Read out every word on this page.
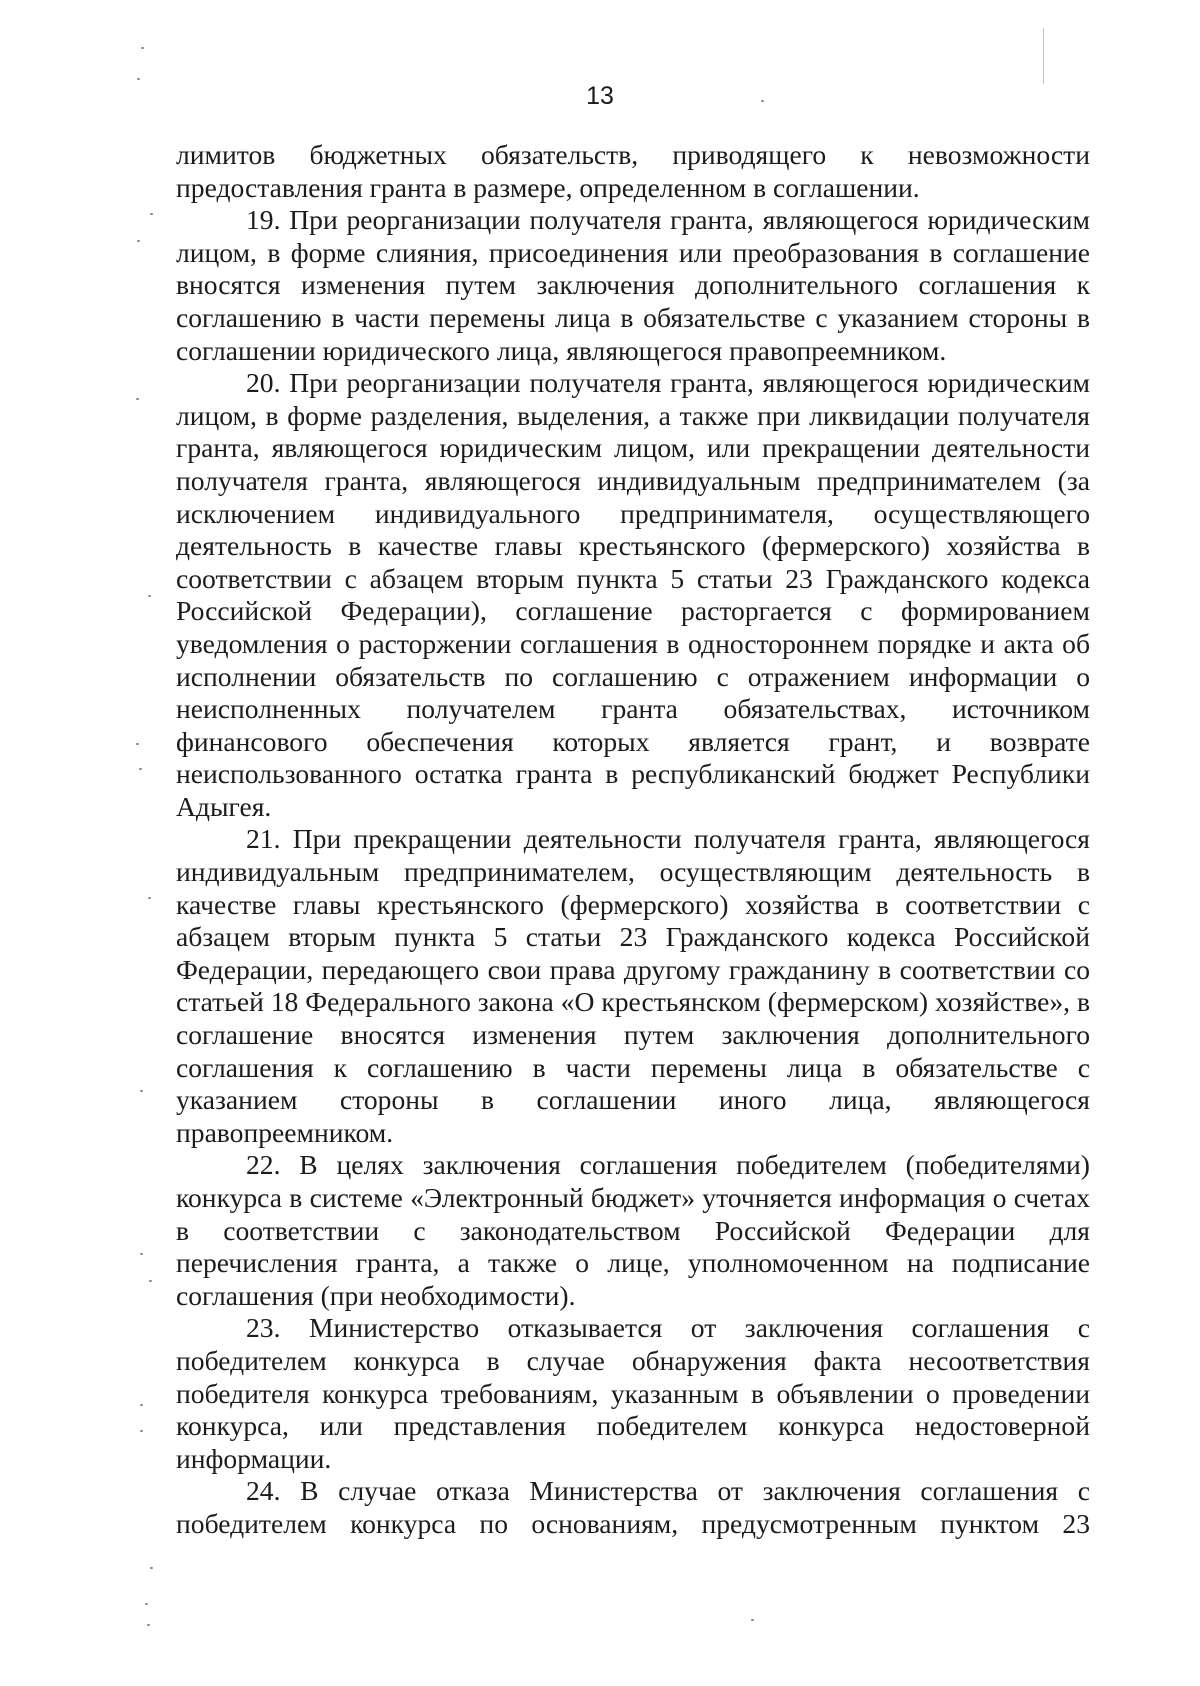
13

лимитов бюджетных обязательств, приводящего к невозможности предоставления гранта в размере, определенном в соглашении.

19. При реорганизации получателя гранта, являющегося юридическим лицом, в форме слияния, присоединения или преобразования в соглашение вносятся изменения путем заключения дополнительного соглашения к соглашению в части перемены лица в обязательстве с указанием стороны в соглашении юридического лица, являющегося правопреемником.

20. При реорганизации получателя гранта, являющегося юридическим лицом, в форме разделения, выделения, а также при ликвидации получателя гранта, являющегося юридическим лицом, или прекращении деятельности получателя гранта, являющегося индивидуальным предпринимателем (за исключением индивидуального предпринимателя, осуществляющего деятельность в качестве главы крестьянского (фермерского) хозяйства в соответствии с абзацем вторым пункта 5 статьи 23 Гражданского кодекса Российской Федерации), соглашение расторгается с формированием уведомления о расторжении соглашения в одностороннем порядке и акта об исполнении обязательств по соглашению с отражением информации о неисполненных получателем гранта обязательствах, источником финансового обеспечения которых является грант, и возврате неиспользованного остатка гранта в республиканский бюджет Республики Адыгея.

21. При прекращении деятельности получателя гранта, являющегося индивидуальным предпринимателем, осуществляющим деятельность в качестве главы крестьянского (фермерского) хозяйства в соответствии с абзацем вторым пункта 5 статьи 23 Гражданского кодекса Российской Федерации, передающего свои права другому гражданину в соответствии со статьей 18 Федерального закона «О крестьянском (фермерском) хозяйстве», в соглашение вносятся изменения путем заключения дополнительного соглашения к соглашению в части перемены лица в обязательстве с указанием стороны в соглашении иного лица, являющегося правопреемником.

22. В целях заключения соглашения победителем (победителями) конкурса в системе «Электронный бюджет» уточняется информация о счетах в соответствии с законодательством Российской Федерации для перечисления гранта, а также о лице, уполномоченном на подписание соглашения (при необходимости).

23. Министерство отказывается от заключения соглашения с победителем конкурса в случае обнаружения факта несоответствия победителя конкурса требованиям, указанным в объявлении о проведении конкурса, или представления победителем конкурса недостоверной информации.

24. В случае отказа Министерства от заключения соглашения с победителем конкурса по основаниям, предусмотренным пунктом 23
